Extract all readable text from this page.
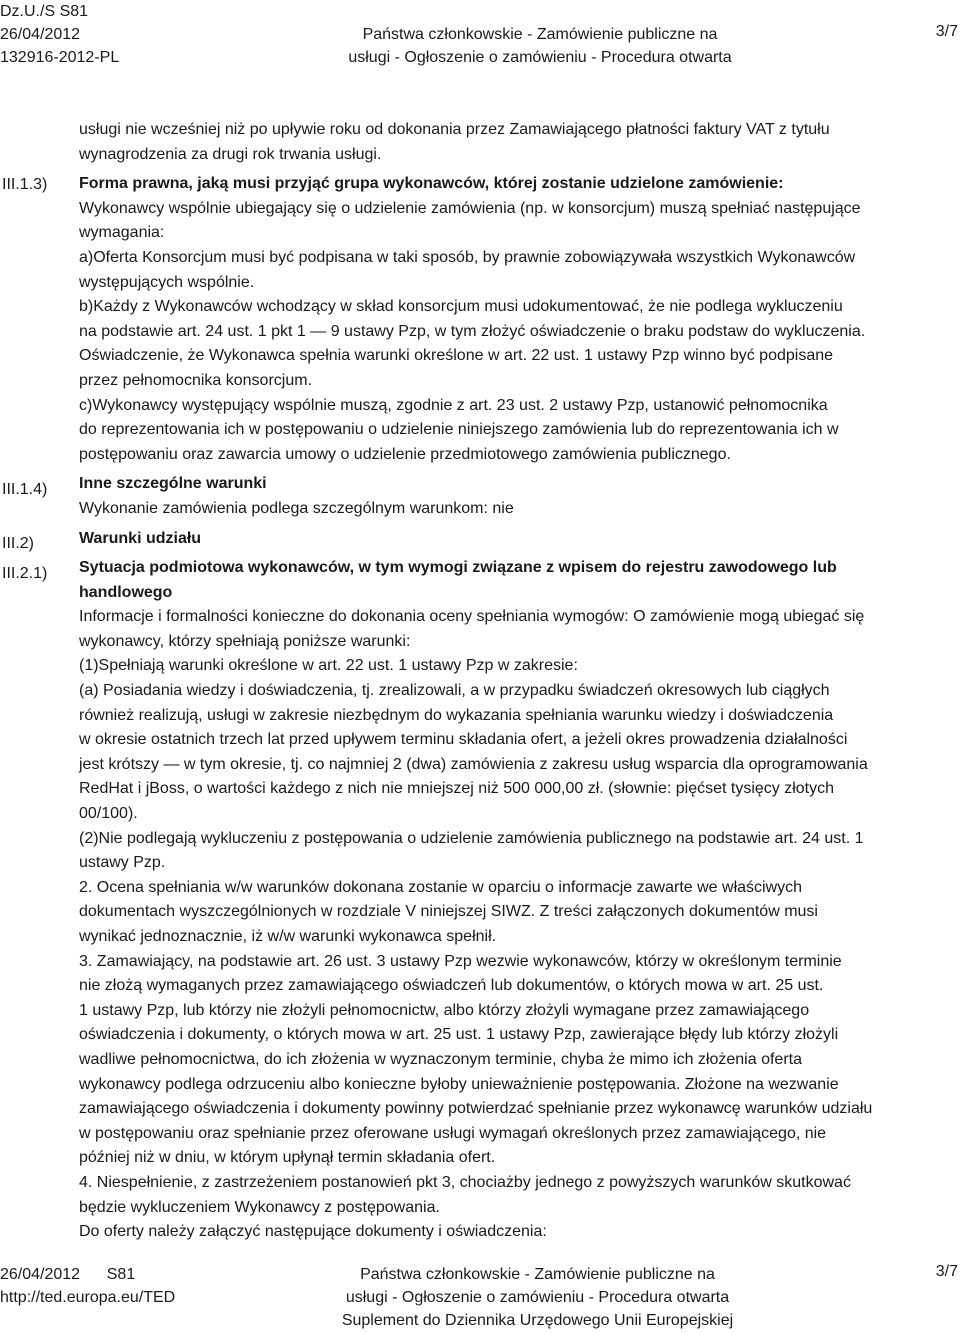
Dz.U./S S81
26/04/2012
132916-2012-PL
Państwa członkowskie - Zamówienie publiczne na
usługi - Ogłoszenie o zamówieniu - Procedura otwarta
3/7
III.1.3)
III.1.4)
III.2)
III.2.1)

usługi nie wcześniej niż po upływie roku od dokonania przez Zamawiającego płatności faktury VAT z tytułu

wynagrodzenia za drugi rok trwania usługi.

Forma prawna, jaką musi przyjąć grupa wykonawców, której zostanie udzielone zamówienie:

Wykonawcy wspólnie ubiegający się o udzielenie zamówienia (np. w konsorcjum) muszą spełniać następujące

wymagania:

a)Oferta Konsorcjum musi być podpisana w taki sposób, by prawnie zobowiązywała wszystkich Wykonawców

występujących wspólnie.

b)Każdy z Wykonawców wchodzący w skład konsorcjum musi udokumentować, że nie podlega wykluczeniu

na podstawie art. 24 ust. 1 pkt 1 — 9 ustawy Pzp, w tym złożyć oświadczenie o braku podstaw do wykluczenia.

Oświadczenie, że Wykonawca spełnia warunki określone w art. 22 ust. 1 ustawy Pzp winno być podpisane

przez pełnomocnika konsorcjum.

c)Wykonawcy występujący wspólnie muszą, zgodnie z art. 23 ust. 2 ustawy Pzp, ustanowić pełnomocnika

do reprezentowania ich w postępowaniu o udzielenie niniejszego zamówienia lub do reprezentowania ich w

postępowaniu oraz zawarcia umowy o udzielenie przedmiotowego zamówienia publicznego.

Inne szczególne warunki

Wykonanie zamówienia podlega szczególnym warunkom: nie

Warunki udziału

Sytuacja podmiotowa wykonawców, w tym wymogi związane z wpisem do rejestru zawodowego lub

handlowego

Informacje i formalności konieczne do dokonania oceny spełniania wymogów: O zamówienie mogą ubiegać się

wykonawcy, którzy spełniają poniższe warunki:

(1)Spełniają warunki określone w art. 22 ust. 1 ustawy Pzp w zakresie:

(a) Posiadania wiedzy i doświadczenia, tj. zrealizowali, a w przypadku świadczeń okresowych lub ciągłych

również realizują, usługi w zakresie niezbędnym do wykazania spełniania warunku wiedzy i doświadczenia

w okresie ostatnich trzech lat przed upływem terminu składania ofert, a jeżeli okres prowadzenia działalności

jest krótszy — w tym okresie, tj. co najmniej 2 (dwa) zamówienia z zakresu usług wsparcia dla oprogramowania

RedHat i jBoss, o wartości każdego z nich nie mniejszej niż 500 000,00 zł. (słownie: pięćset tysięcy złotych

00/100).

(2)Nie podlegają wykluczeniu z postępowania o udzielenie zamówienia publicznego na podstawie art. 24 ust. 1

ustawy Pzp.

2. Ocena spełniania w/w warunków dokonana zostanie w oparciu o informacje zawarte we właściwych

dokumentach wyszczególnionych w rozdziale V niniejszej SIWZ. Z treści załączonych dokumentów musi

wynikać jednoznacznie, iż w/w warunki wykonawca spełnił.

3. Zamawiający, na podstawie art. 26 ust. 3 ustawy Pzp wezwie wykonawców, którzy w określonym terminie

nie złożą wymaganych przez zamawiającego oświadczeń lub dokumentów, o których mowa w art. 25 ust.

1 ustawy Pzp, lub którzy nie złożyli pełnomocnictw, albo którzy złożyli wymagane przez zamawiającego

oświadczenia i dokumenty, o których mowa w art. 25 ust. 1 ustawy Pzp, zawierające błędy lub którzy złożyli

wadliwe pełnomocnictwa, do ich złożenia w wyznaczonym terminie, chyba że mimo ich złożenia oferta

wykonawcy podlega odrzuceniu albo konieczne byłoby unieważnienie postępowania. Złożone na wezwanie

zamawiającego oświadczenia i dokumenty powinny potwierdzać spełnianie przez wykonawcę warunków udziału

w postępowaniu oraz spełnianie przez oferowane usługi wymagań określonych przez zamawiającego, nie

później niż w dniu, w którym upłynął termin składania ofert.

4. Niespełnienie, z zastrzeżeniem postanowień pkt 3, chociażby jednego z powyższych warunków skutkować

będzie wykluczeniem Wykonawcy z postępowania.

Do oferty należy załączyć następujące dokumenty i oświadczenia:

26/04/2012 S81
http://ted.europa.eu/TED
Państwa członkowskie - Zamówienie publiczne na
usługi - Ogłoszenie o zamówieniu - Procedura otwarta
Suplement do Dziennika Urzędowego Unii Europejskiej
3/7
